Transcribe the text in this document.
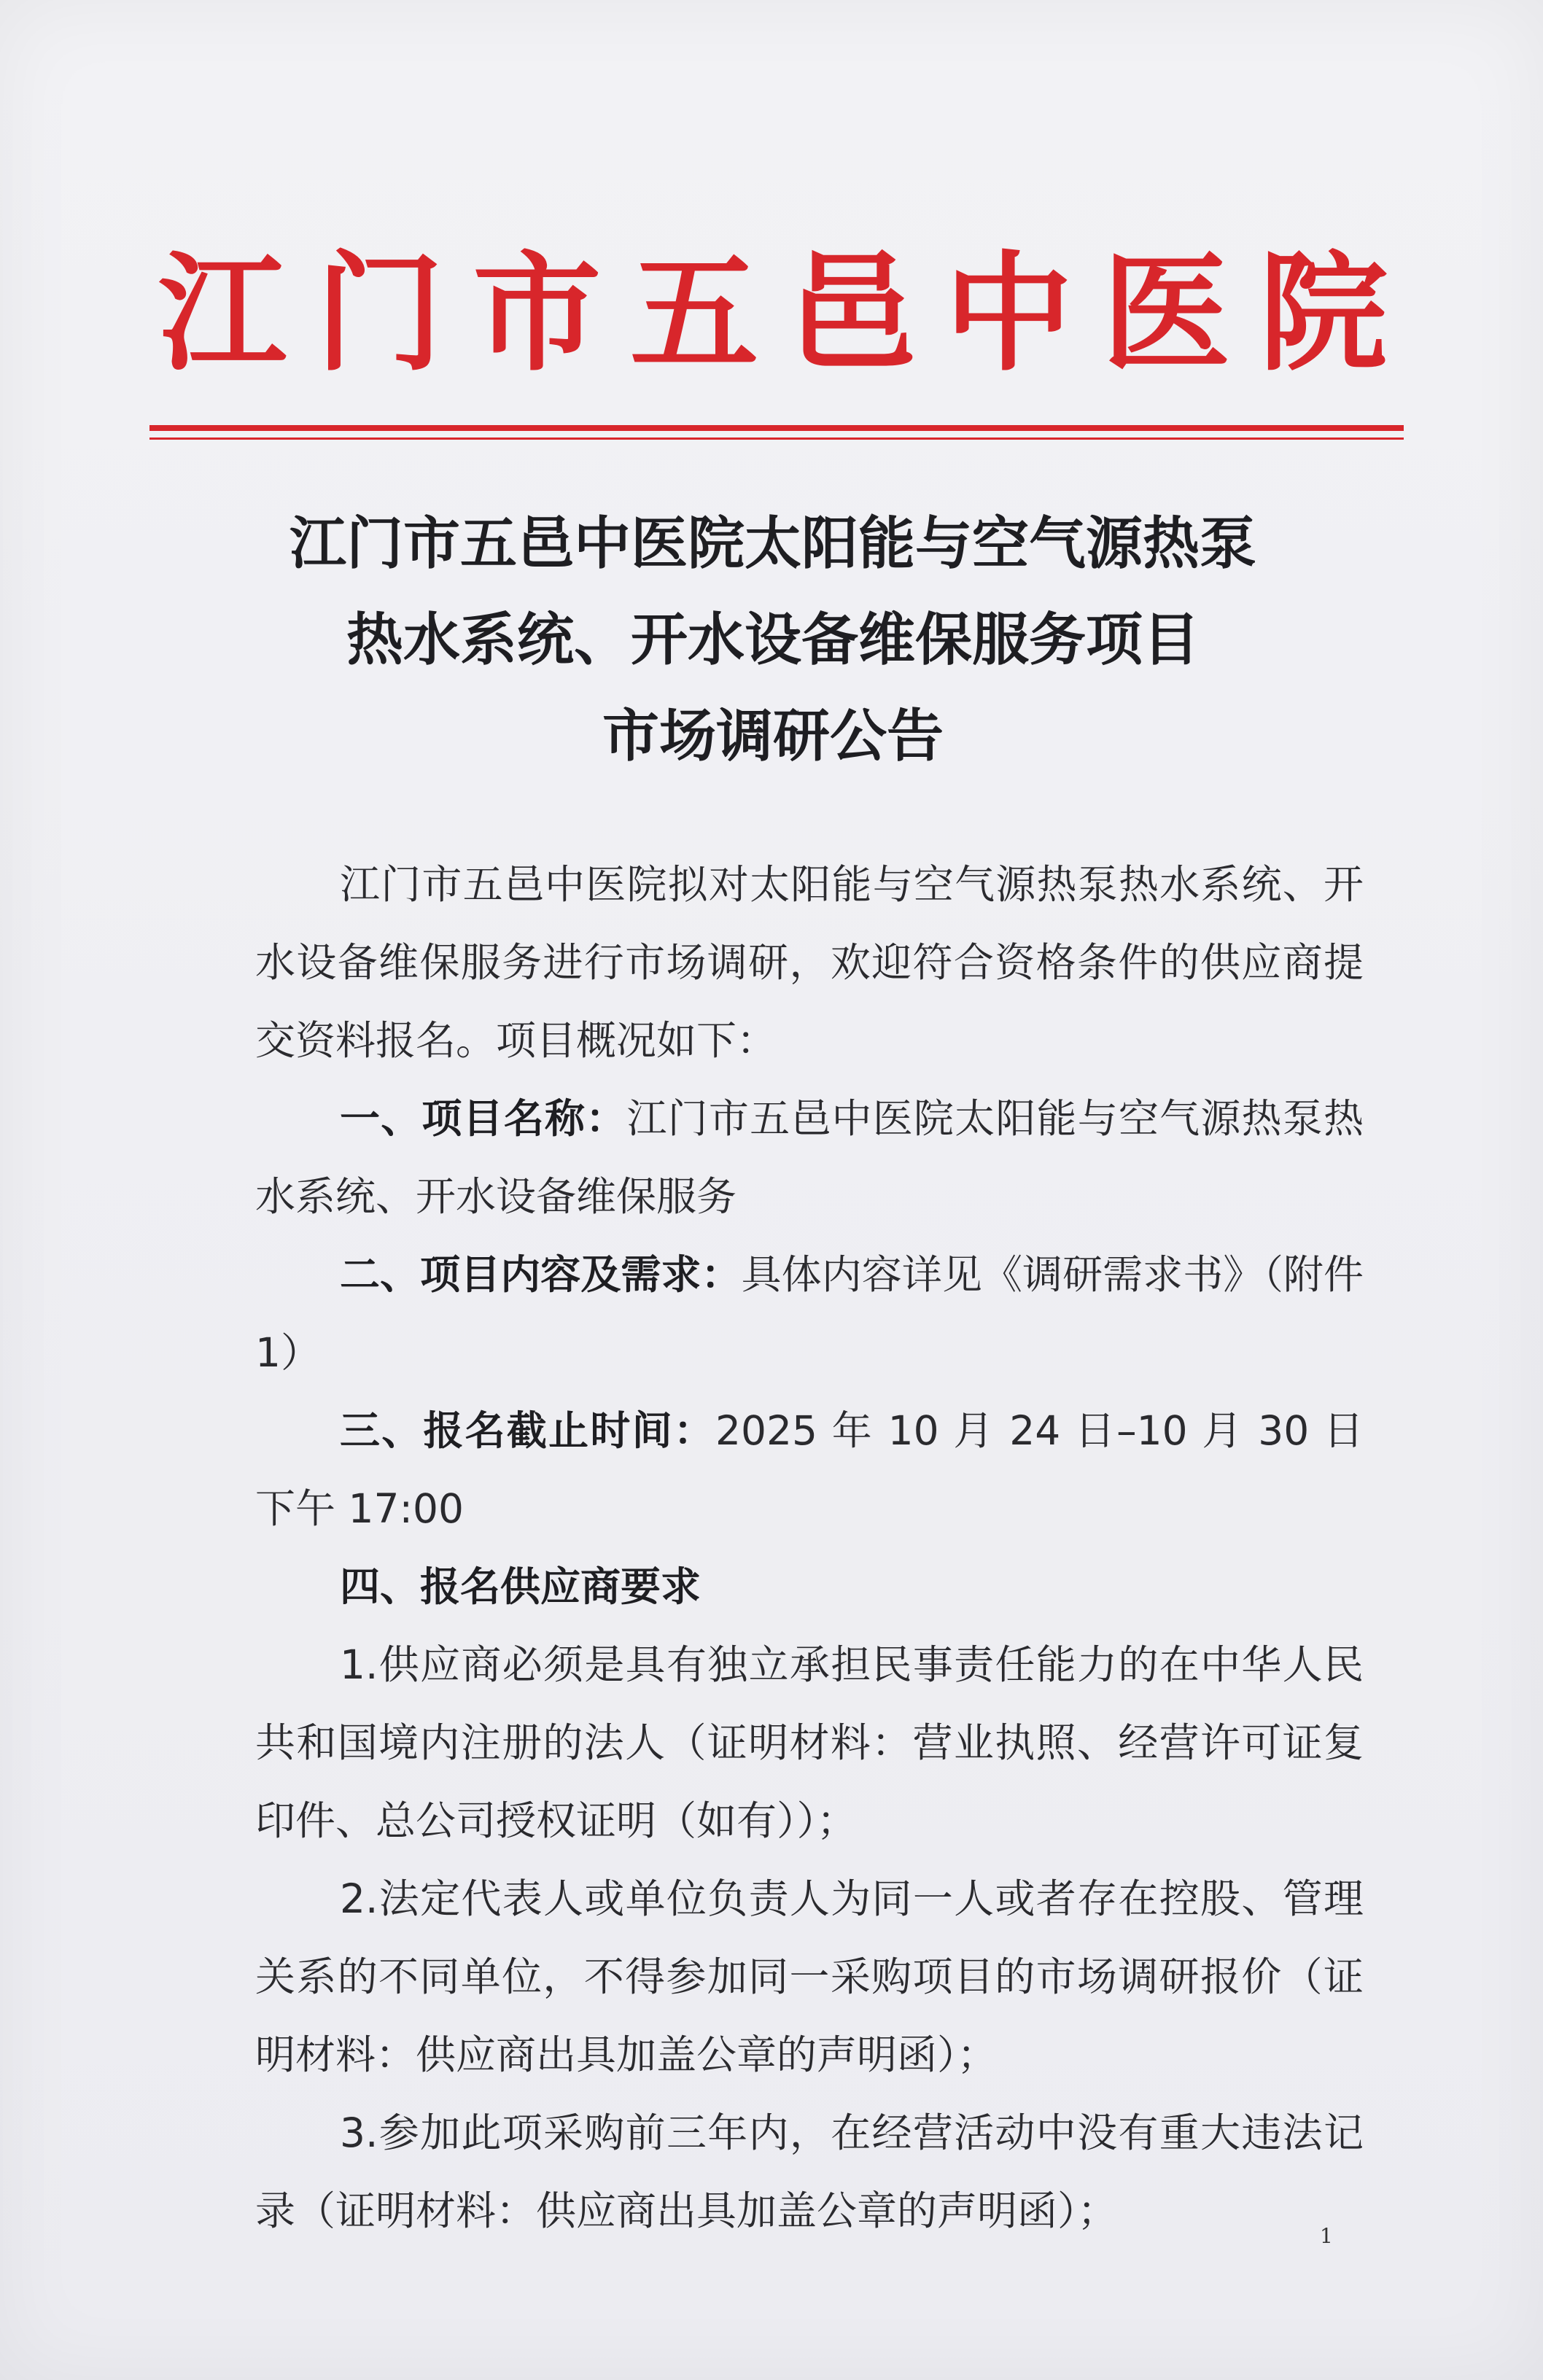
江 门 市 五 邑 中 医 院
江门市五邑中医院太阳能与空气源热泵
热水系统、开水设备维保服务项目
市场调研公告

江门市五邑中医院拟对太阳能与空气源热泵热水系统、开水设备维保服务进行市场调研，欢迎符合资格条件的供应商提交资料报名。项目概况如下：

一、项目名称：江门市五邑中医院太阳能与空气源热泵热水系统、开水设备维保服务

二、项目内容及需求：具体内容详见《调研需求书》（附件 1）

三、报名截止时间：2025 年 10 月 24 日–10 月 30 日下午 17:00

四、报名供应商要求

1.供应商必须是具有独立承担民事责任能力的在中华人民共和国境内注册的法人（证明材料：营业执照、经营许可证复印件、总公司授权证明（如有））；

2.法定代表人或单位负责人为同一人或者存在控股、管理关系的不同单位，不得参加同一采购项目的市场调研报价（证明材料：供应商出具加盖公章的声明函）；

3.参加此项采购前三年内，在经营活动中没有重大违法记录（证明材料：供应商出具加盖公章的声明函）；

1
